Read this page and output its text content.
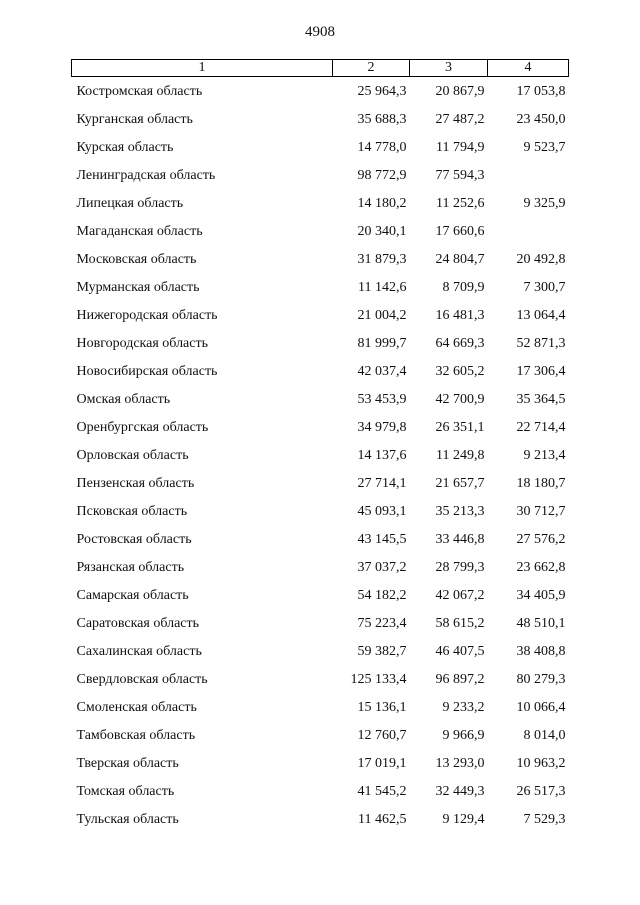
4908
1	2	3	4
Костромская область	25 964,3	20 867,9	17 053,8
Курганская область	35 688,3	27 487,2	23 450,0
Курская область	14 778,0	11 794,9	9 523,7
Ленинградская область	98 772,9	77 594,3	
Липецкая область	14 180,2	11 252,6	9 325,9
Магаданская область	20 340,1	17 660,6	
Московская область	31 879,3	24 804,7	20 492,8
Мурманская область	11 142,6	8 709,9	7 300,7
Нижегородская область	21 004,2	16 481,3	13 064,4
Новгородская область	81 999,7	64 669,3	52 871,3
Новосибирская область	42 037,4	32 605,2	17 306,4
Омская область	53 453,9	42 700,9	35 364,5
Оренбургская область	34 979,8	26 351,1	22 714,4
Орловская область	14 137,6	11 249,8	9 213,4
Пензенская область	27 714,1	21 657,7	18 180,7
Псковская область	45 093,1	35 213,3	30 712,7
Ростовская область	43 145,5	33 446,8	27 576,2
Рязанская область	37 037,2	28 799,3	23 662,8
Самарская область	54 182,2	42 067,2	34 405,9
Саратовская область	75 223,4	58 615,2	48 510,1
Сахалинская область	59 382,7	46 407,5	38 408,8
Свердловская область	125 133,4	96 897,2	80 279,3
Смоленская область	15 136,1	9 233,2	10 066,4
Тамбовская область	12 760,7	9 966,9	8 014,0
Тверская область	17 019,1	13 293,0	10 963,2
Томская область	41 545,2	32 449,3	26 517,3
Тульская область	11 462,5	9 129,4	7 529,3
